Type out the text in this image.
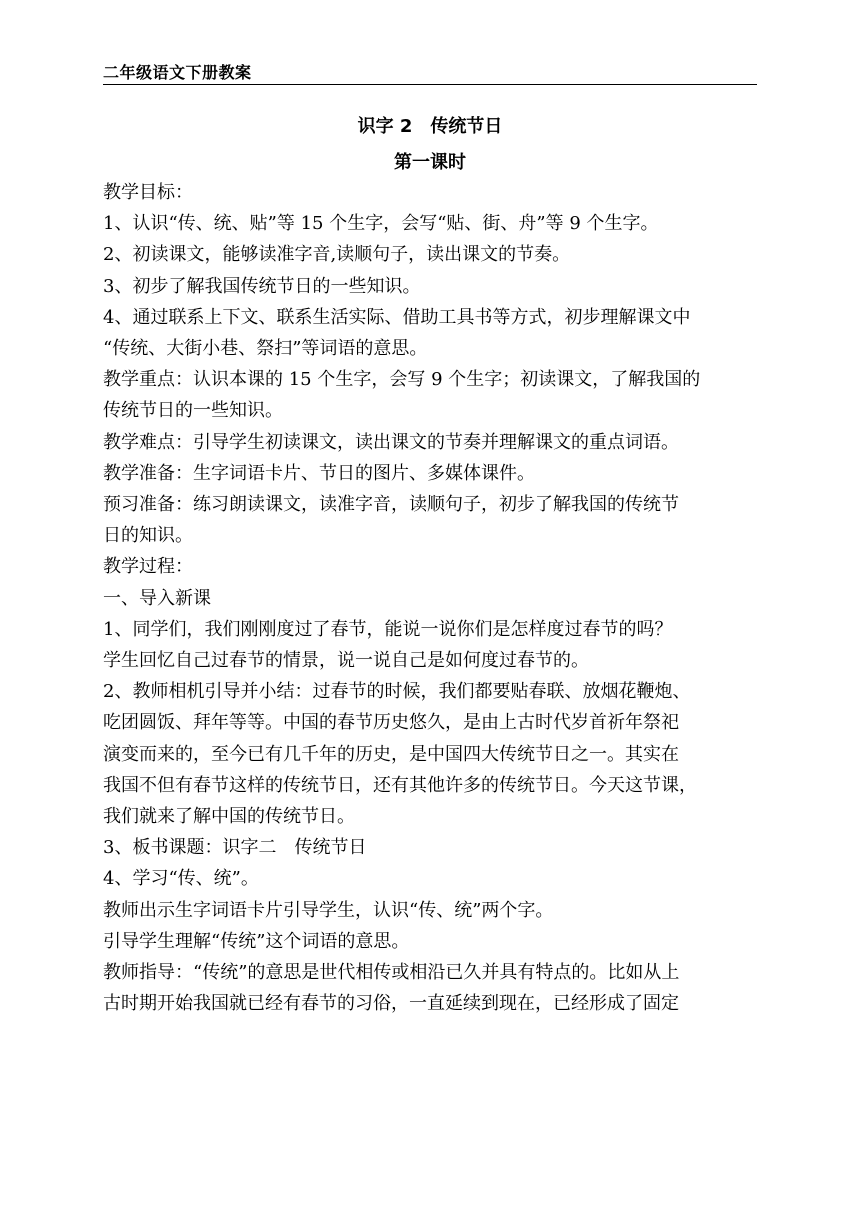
二年级语文下册教案
识字 2　传统节日
第一课时

教学目标：

1、认识“传、统、贴”等 15 个生字，会写“贴、街、舟”等 9 个生字。

2、初读课文，能够读准字音,读顺句子，读出课文的节奏。

3、初步了解我国传统节日的一些知识。

4、通过联系上下文、联系生活实际、借助工具书等方式，初步理解课文中

“传统、大街小巷、祭扫”等词语的意思。

教学重点：认识本课的 15 个生字，会写 9 个生字；初读课文，了解我国的

传统节日的一些知识。

教学难点：引导学生初读课文，读出课文的节奏并理解课文的重点词语。

教学准备：生字词语卡片、节日的图片、多媒体课件。

预习准备：练习朗读课文，读准字音，读顺句子，初步了解我国的传统节

日的知识。

教学过程：

一、导入新课

1、同学们，我们刚刚度过了春节，能说一说你们是怎样度过春节的吗？

学生回忆自己过春节的情景，说一说自己是如何度过春节的。

2、教师相机引导并小结：过春节的时候，我们都要贴春联、放烟花鞭炮、

吃团圆饭、拜年等等。中国的春节历史悠久，是由上古时代岁首祈年祭祀

演变而来的，至今已有几千年的历史，是中国四大传统节日之一。其实在

我国不但有春节这样的传统节日，还有其他许多的传统节日。今天这节课，

我们就来了解中国的传统节日。

3、板书课题：识字二　传统节日

4、学习“传、统”。

教师出示生字词语卡片引导学生，认识“传、统”两个字。

引导学生理解“传统”这个词语的意思。

教师指导：“传统”的意思是世代相传或相沿已久并具有特点的。比如从上

古时期开始我国就已经有春节的习俗，一直延续到现在，已经形成了固定
